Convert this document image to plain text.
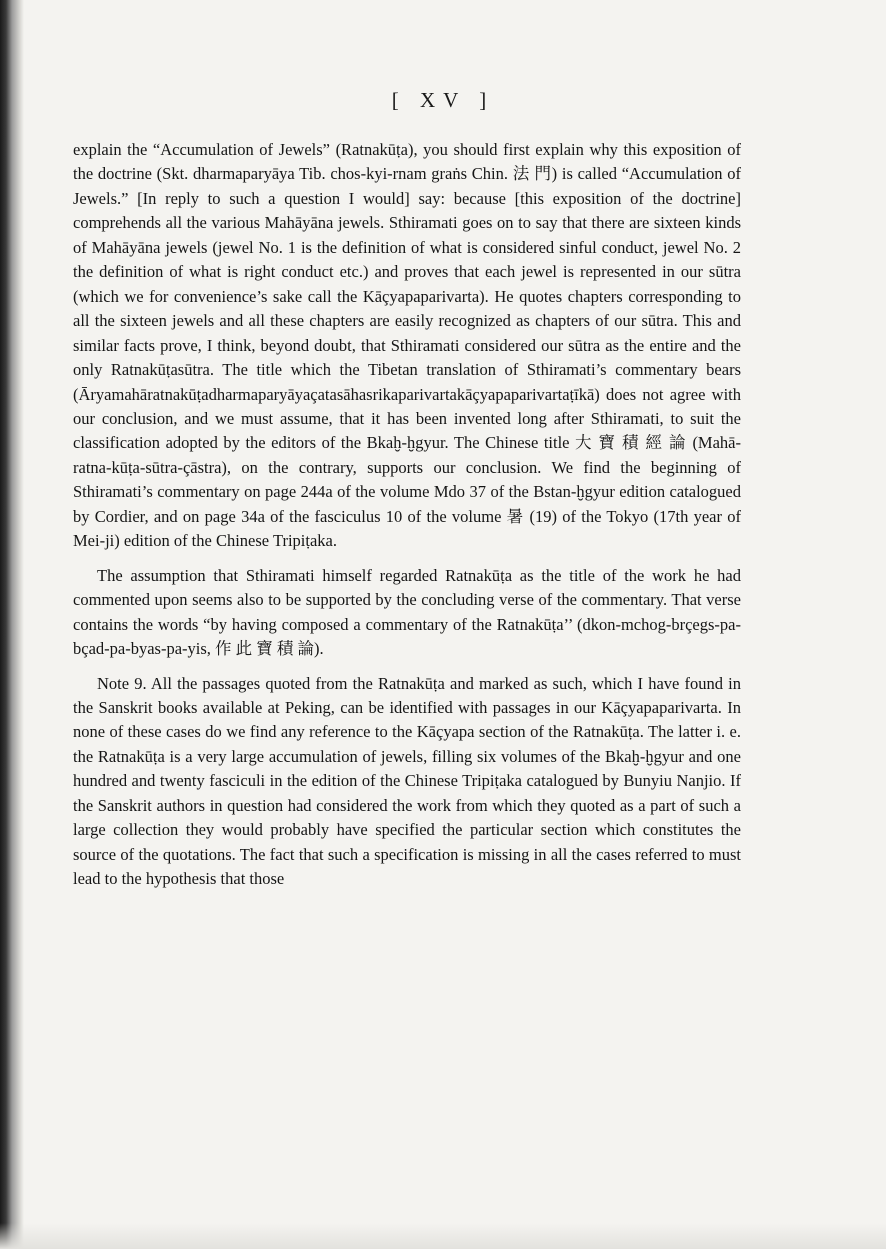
[ XV ]

explain the “Accumulation of Jewels” (Ratnakūṭa), you should first explain why this exposition of the doctrine (Skt. dharmaparyāya Tib. chos-kyi-rnam graṅs Chin. 法 門) is called “Accumulation of Jewels.” [In reply to such a question I would] say: because [this exposition of the doctrine] comprehends all the various Mahāyāna jewels. Sthiramati goes on to say that there are sixteen kinds of Mahāyāna jewels (jewel No. 1 is the definition of what is considered sinful conduct, jewel No. 2 the definition of what is right conduct etc.) and proves that each jewel is represented in our sūtra (which we for convenience’s sake call the Kāçyapaparivarta). He quotes chapters corresponding to all the sixteen jewels and all these chapters are easily recognized as chapters of our sūtra. This and similar facts prove, I think, beyond doubt, that Sthiramati considered our sūtra as the entire and the only Ratnakūṭasūtra. The title which the Tibetan translation of Sthiramati’s commentary bears (Āryamahāratnakūṭadharmaparyāyaçatasāhasrikaparivartakāçyapaparivartaṭīkā) does not agree with our conclusion, and we must assume, that it has been invented long after Sthiramati, to suit the classification adopted by the editors of the Bkaḫ-ḫgyur. The Chinese title 大 寶 積 經 論 (Mahā-ratna-kūṭa-sūtra-çāstra), on the contrary, supports our conclusion. We find the beginning of Sthiramati’s commentary on page 244a of the volume Mdo 37 of the Bstan-ḫgyur edition catalogued by Cordier, and on page 34a of the fasciculus 10 of the volume 暑 (19) of the Tokyo (17th year of Mei-ji) edition of the Chinese Tripiṭaka.

The assumption that Sthiramati himself regarded Ratnakūṭa as the title of the work he had commented upon seems also to be supported by the concluding verse of the commentary. That verse contains the words “by having composed a commentary of the Ratnakūṭa’’ (dkon-mchog-brçegs-pa-bçad-pa-byas-pa-yis, 作 此 寶 積 論).

Note 9. All the passages quoted from the Ratnakūṭa and marked as such, which I have found in the Sanskrit books available at Peking, can be identified with passages in our Kāçyapaparivarta. In none of these cases do we find any reference to the Kāçyapa section of the Ratnakūṭa. The latter i. e. the Ratnakūṭa is a very large accumulation of jewels, filling six volumes of the Bkaḫ-ḫgyur and one hundred and twenty fasciculi in the edition of the Chinese Tripiṭaka catalogued by Bunyiu Nanjio. If the Sanskrit authors in question had considered the work from which they quoted as a part of such a large collection they would probably have specified the particular section which constitutes the source of the quotations. The fact that such a specification is missing in all the cases referred to must lead to the hypothesis that those
